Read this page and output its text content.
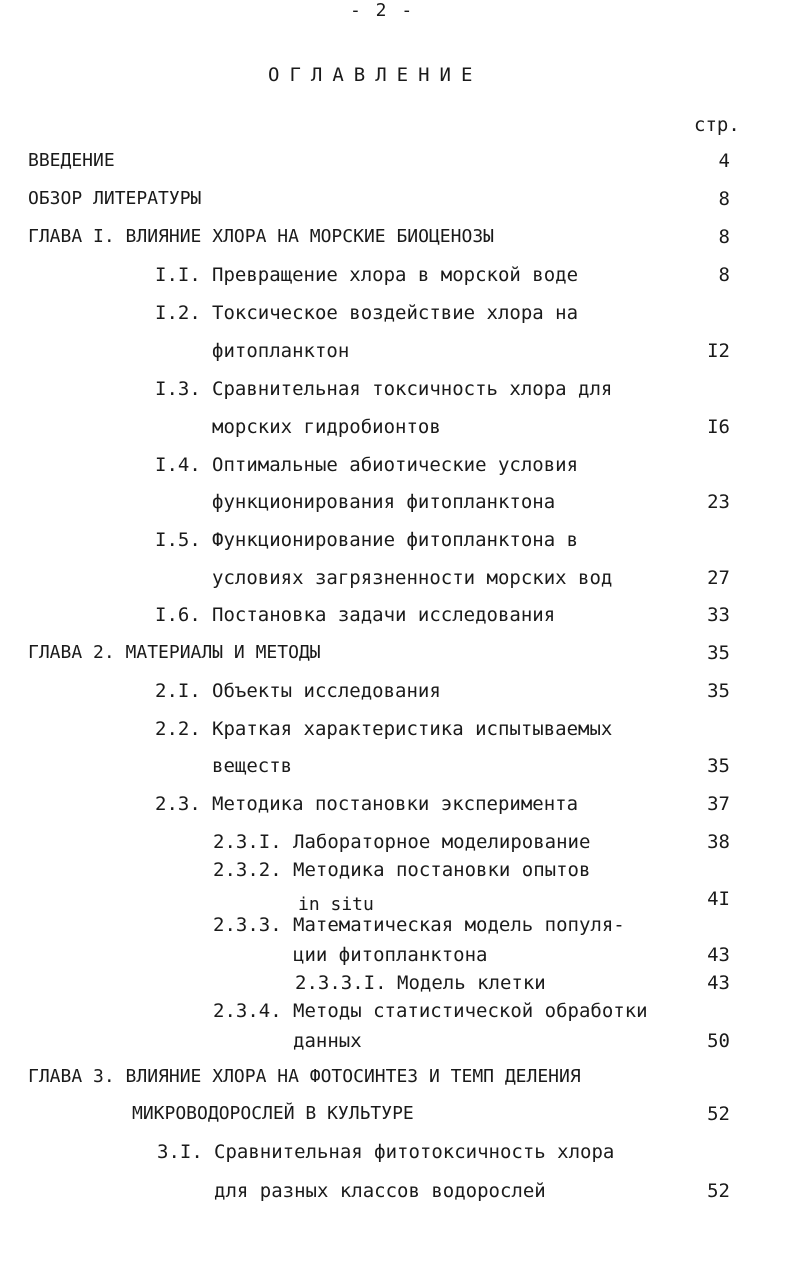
- 2 -
ОГЛАВЛЕНИЕ
стр.
ВВЕДЕНИЕ	4
ОБЗОР ЛИТЕРАТУРЫ	8
ГЛАВА I. ВЛИЯНИЕ ХЛОРА НА МОРСКИЕ БИОЦЕНОЗЫ	8
I.I. Превращение хлора в морской воде	8
I.2. Токсическое воздействие хлора на
фитопланктон	I2
I.3. Сравнительная токсичность хлора для
морских гидробионтов	I6
I.4. Оптимальные абиотические условия
функционирования фитопланктона	23
I.5. Функционирование фитопланктона в
условиях загрязненности морских вод	27
I.6. Постановка задачи исследования	33
ГЛАВА 2. МАТЕРИАЛЫ И МЕТОДЫ	35
2.I. Объекты исследования	35
2.2. Краткая характеристика испытываемых
веществ	35
2.3. Методика постановки эксперимента	37
2.3.I. Лабораторное моделирование	38
2.3.2. Методика постановки опытов
in situ	4I
2.3.3. Математическая модель популя-
ции фитопланктона	43
2.3.3.I. Модель клетки	43
2.3.4. Методы статистической обработки
данных	50
ГЛАВА 3. ВЛИЯНИЕ ХЛОРА НА ФОТОСИНТЕЗ И ТЕМП ДЕЛЕНИЯ
МИКРОВОДОРОСЛЕЙ В КУЛЬТУРЕ	52
3.I. Сравнительная фитотоксичность хлора
для разных классов водорослей	52
